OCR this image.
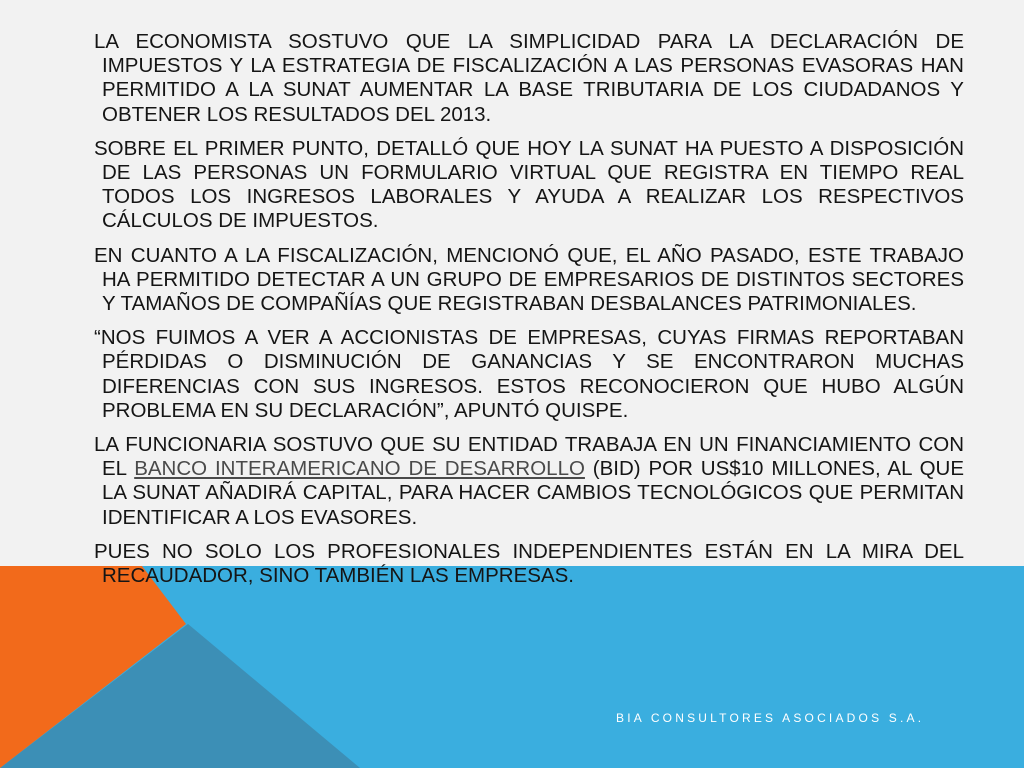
LA ECONOMISTA SOSTUVO QUE LA SIMPLICIDAD PARA LA DECLARACIÓN DE IMPUESTOS Y LA ESTRATEGIA DE FISCALIZACIÓN A LAS PERSONAS EVASORAS HAN PERMITIDO A LA SUNAT AUMENTAR LA BASE TRIBUTARIA DE LOS CIUDADANOS Y OBTENER LOS RESULTADOS DEL 2013.

SOBRE EL PRIMER PUNTO, DETALLÓ QUE HOY LA SUNAT HA PUESTO A DISPOSICIÓN DE LAS PERSONAS UN FORMULARIO VIRTUAL QUE REGISTRA EN TIEMPO REAL TODOS LOS INGRESOS LABORALES Y AYUDA A REALIZAR LOS RESPECTIVOS CÁLCULOS DE IMPUESTOS.

EN CUANTO A LA FISCALIZACIÓN, MENCIONÓ QUE, EL AÑO PASADO, ESTE TRABAJO HA PERMITIDO DETECTAR A UN GRUPO DE EMPRESARIOS DE DISTINTOS SECTORES Y TAMAÑOS DE COMPAÑÍAS QUE REGISTRABAN DESBALANCES PATRIMONIALES.

“NOS FUIMOS A VER A ACCIONISTAS DE EMPRESAS, CUYAS FIRMAS REPORTABAN PÉRDIDAS O DISMINUCIÓN DE GANANCIAS Y SE ENCONTRARON MUCHAS DIFERENCIAS CON SUS INGRESOS. ESTOS RECONOCIERON QUE HUBO ALGÚN PROBLEMA EN SU DECLARACIÓN”, APUNTÓ QUISPE.

LA FUNCIONARIA SOSTUVO QUE SU ENTIDAD TRABAJA EN UN FINANCIAMIENTO CON EL BANCO INTERAMERICANO DE DESARROLLO (BID) POR US$10 MILLONES, AL QUE LA SUNAT AÑADIRÁ CAPITAL, PARA HACER CAMBIOS TECNOLÓGICOS QUE PERMITAN IDENTIFICAR A LOS EVASORES.

PUES NO SOLO LOS PROFESIONALES INDEPENDIENTES ESTÁN EN LA MIRA DEL RECAUDADOR, SINO TAMBIÉN LAS EMPRESAS.

BIA CONSULTORES ASOCIADOS S.A.
